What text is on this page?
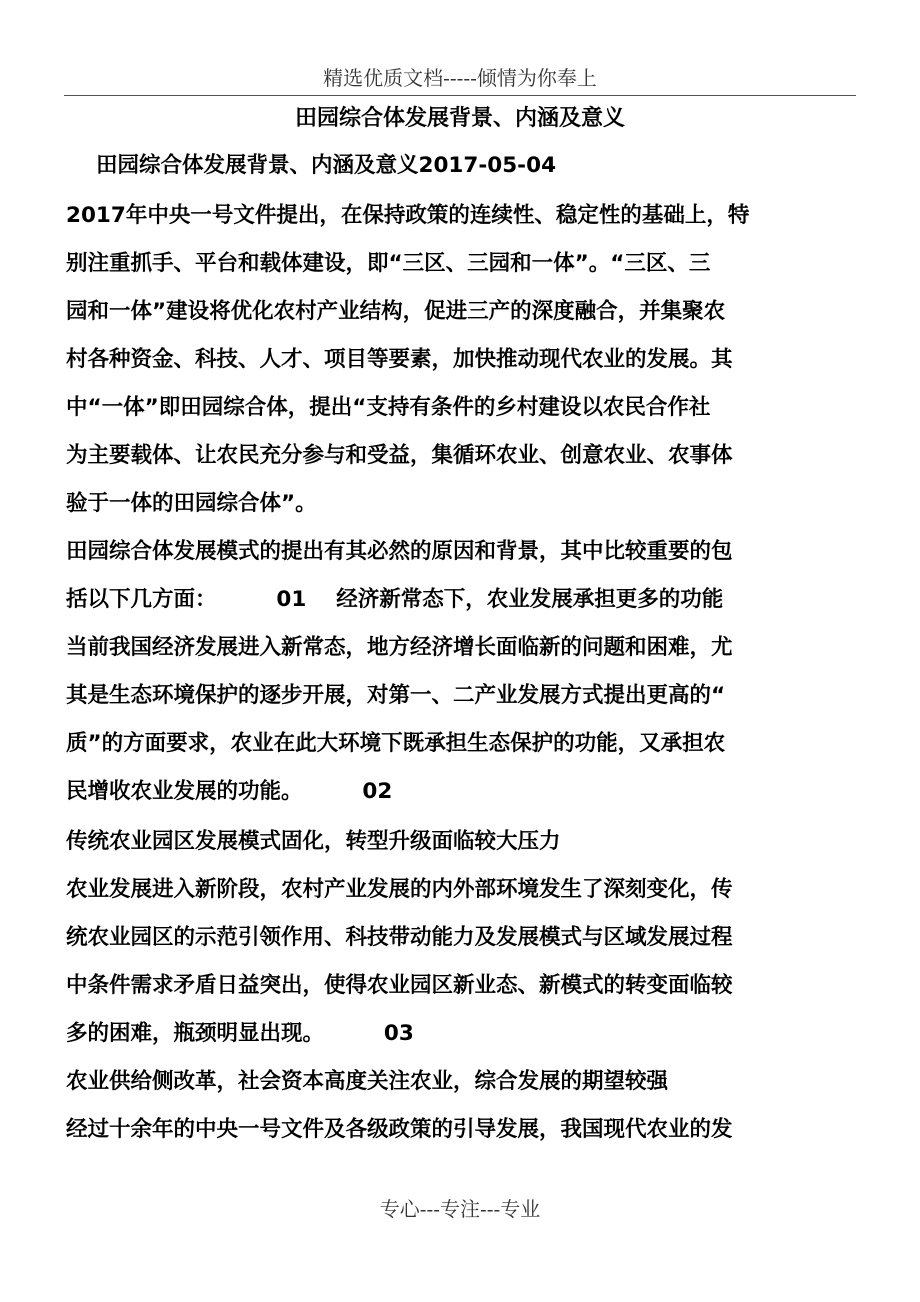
精选优质文档-----倾情为你奉上
田园综合体发展背景、内涵及意义
田园综合体发展背景、内涵及意义2017-05-04
2017年中央一号文件提出，在保持政策的连续性、稳定性的基础上，特
别注重抓手、平台和载体建设，即“三区、三园和一体”。“三区、三
园和一体”建设将优化农村产业结构，促进三产的深度融合，并集聚农
村各种资金、科技、人才、项目等要素，加快推动现代农业的发展。其
中“一体”即田园综合体，提出“支持有条件的乡村建设以农民合作社
为主要载体、让农民充分参与和受益，集循环农业、创意农业、农事体
验于一体的田园综合体”。
田园综合体发展模式的提出有其必然的原因和背景，其中比较重要的包
括以下几方面：        01    经济新常态下，农业发展承担更多的功能
当前我国经济发展进入新常态，地方经济增长面临新的问题和困难，尤
其是生态环境保护的逐步开展，对第一、二产业发展方式提出更高的“
质”的方面要求，农业在此大环境下既承担生态保护的功能，又承担农
民增收农业发展的功能。        02
传统农业园区发展模式固化，转型升级面临较大压力
农业发展进入新阶段，农村产业发展的内外部环境发生了深刻变化，传
统农业园区的示范引领作用、科技带动能力及发展模式与区域发展过程
中条件需求矛盾日益突出，使得农业园区新业态、新模式的转变面临较
多的困难，瓶颈明显出现。        03
农业供给侧改革，社会资本高度关注农业，综合发展的期望较强
经过十余年的中央一号文件及各级政策的引导发展，我国现代农业的发
专心---专注---专业
